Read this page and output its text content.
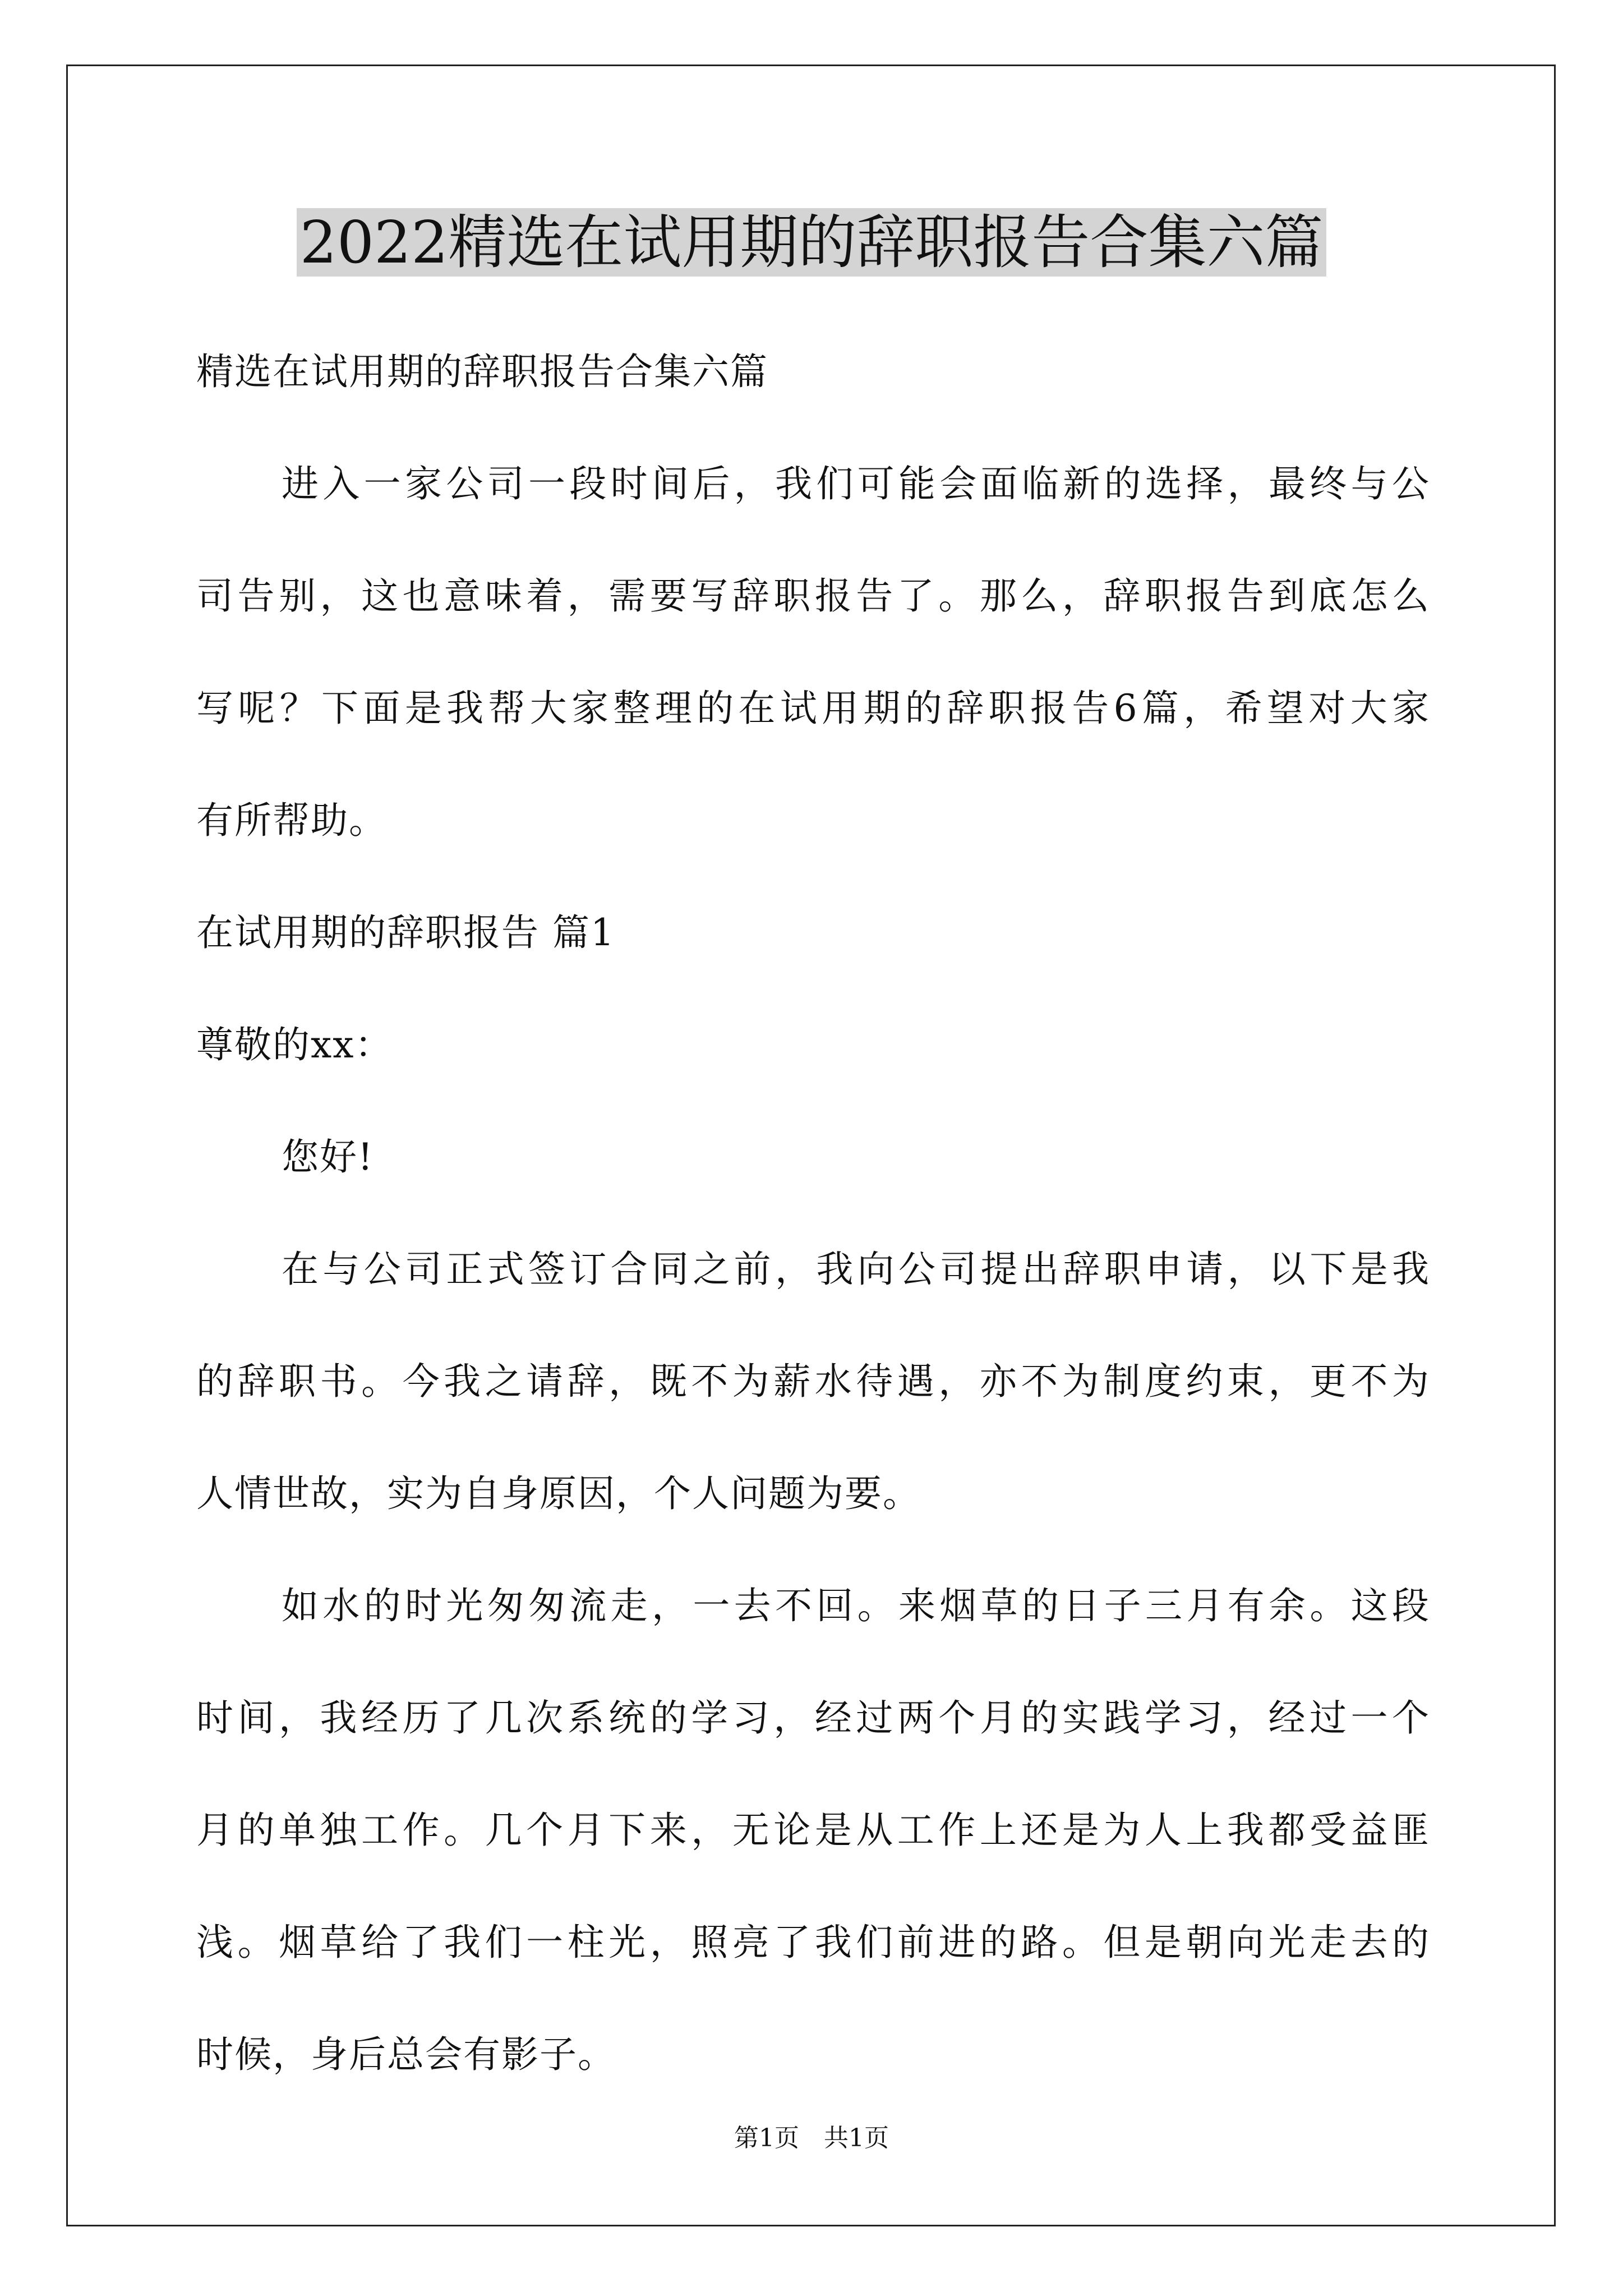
2022精选在试用期的辞职报告合集六篇
精选在试用期的辞职报告合集六篇
进入一家公司一段时间后，我们可能会面临新的选择，最终与公
司告别，这也意味着，需要写辞职报告了。那么，辞职报告到底怎么
写呢？下面是我帮大家整理的在试用期的辞职报告6篇，希望对大家
有所帮助。
在试用期的辞职报告 篇1
尊敬的xx：
您好!
在与公司正式签订合同之前，我向公司提出辞职申请，以下是我
的辞职书。今我之请辞，既不为薪水待遇，亦不为制度约束，更不为
人情世故，实为自身原因，个人问题为要。
如水的时光匆匆流走，一去不回。来烟草的日子三月有余。这段
时间，我经历了几次系统的学习，经过两个月的实践学习，经过一个
月的单独工作。几个月下来，无论是从工作上还是为人上我都受益匪
浅。烟草给了我们一柱光，照亮了我们前进的路。但是朝向光走去的
时候，身后总会有影子。
第1页　共1页
